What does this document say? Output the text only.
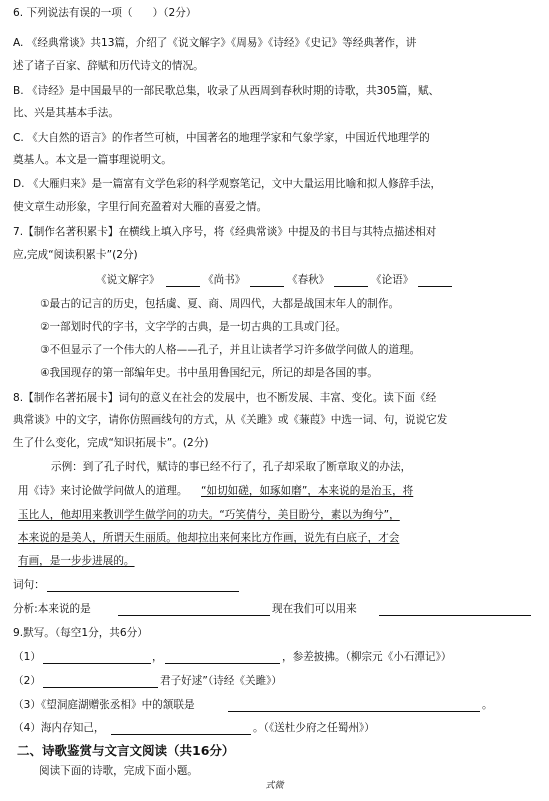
6. 下列说法有误的一项（      ）（2分）
A. 《经典常谈》共13篇，介绍了《说文解字》《周易》《诗经》《史记》等经典著作，讲
述了诸子百家、辞赋和历代诗文的情况。
B. 《诗经》是中国最早的一部民歌总集，收录了从西周到春秋时期的诗歌，共305篇，赋、
比、兴是其基本手法。
C. 《大自然的语言》的作者竺可桢，中国著名的地理学家和气象学家，中国近代地理学的
奠基人。本文是一篇事理说明文。
D. 《大雁归来》是一篇富有文学色彩的科学观察笔记，文中大量运用比喻和拟人修辞手法，
使文章生动形象，字里行间充盈着对大雁的喜爱之情。
7.【制作名著积累卡】在横线上填入序号，将《经典常谈》中提及的书目与其特点描述相对
应,完成“阅读积累卡”(2分)
《说文解字》	《尚书》	《春秋》	《论语》
①最古的记言的历史，包括虞、夏、商、周四代，大都是战国末年人的制作。
②一部划时代的字书，文字学的古典，是一切古典的工具或门径。
③不但显示了一个伟大的人格——孔子，并且让读者学习许多做学问做人的道理。
④我国现存的第一部编年史。书中虽用鲁国纪元，所记的却是各国的事。
8.【制作名著拓展卡】词句的意义在社会的发展中，也不断发展、丰富、变化。读下面《经
典常谈》中的文字，请你仿照画线句的方式，从《关雎》或《蒹葭》中选一词、句，说说它发
生了什么变化，完成“知识拓展卡”。(2分)
示例：到了孔子时代，赋诗的事已经不行了，孔子却采取了断章取义的办法，
用《诗》来讨论做学问做人的道理。 “如切如磋，如琢如磨”，本来说的是治玉，将
玉比人，他却用来教训学生做学问的功夫。“巧笑倩兮，美目盼兮，素以为绚兮”，
本来说的是美人，所谓天生丽质。他却拉出来何来比方作画，说先有白底子，才会
有画，是一步步进展的。
词句：
分析:本来说的是	现在我们可以用来
9.默写。（每空1分，共6分）
（1）	，	，参差披拂。（柳宗元《小石潭记》）
（2）	君子好逑”（诗经《关雎》）
（3）《望洞庭湖赠张丞相》中的颔联是	。
（4）海内存知己，	。（《送杜少府之任蜀州》）
二、诗歌鉴赏与文言文阅读（共16分）
阅读下面的诗歌，完成下面小题。
式微
